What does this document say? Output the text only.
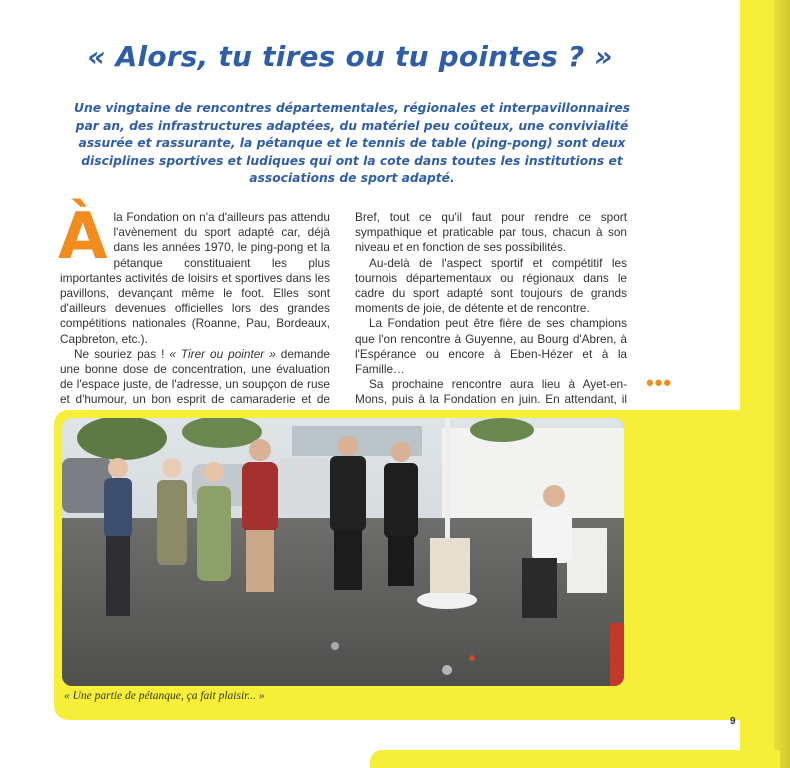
« Alors, tu tires ou tu pointes ? »
Une vingtaine de rencontres départementales, régionales et interpavillonnaires par an, des infrastructures adaptées, du matériel peu coûteux, une convivialité assurée et rassurante, la pétanque et le tennis de table (ping-pong) sont deux disciplines sportives et ludiques qui ont la cote dans toutes les institutions et associations de sport adapté.

Àla Fondation on n'a d'ailleurs pas attendu l'avènement du sport adapté car, déjà dans les années 1970, le ping-pong et la pétanque constituaient les plus importantes activités de loisirs et sportives dans les pavillons, devançant même le foot. Elles sont d'ailleurs devenues officielles lors des grandes compétitions nationales (Roanne, Pau, Bordeaux, Capbreton, etc.).

Ne souriez pas ! « Tirer ou pointer » demande une bonne dose de concentration, une évaluation de l'espace juste, de l'adresse, un soupçon de ruse et d'humour, un bon esprit de camaraderie et de

Bref, tout ce qu'il faut pour rendre ce sport sympathique et praticable par tous, chacun à son niveau et en fonction de ses possibilités.

Au-delà de l'aspect sportif et compétitif les tournois départementaux ou régionaux dans le cadre du sport adapté sont toujours de grands moments de joie, de détente et de rencontre.

La Fondation peut être fière de ses champions que l'on rencontre à Guyenne, au Bourg d'Abren, à l'Espérance ou encore à Eben-Hézer et à la Famille…

Sa prochaine rencontre aura lieu à Ayet-en-Mons, puis à la Fondation en juin. En attendant, il

•••
« Une partie de pétanque, ça fait plaisir... »
9
